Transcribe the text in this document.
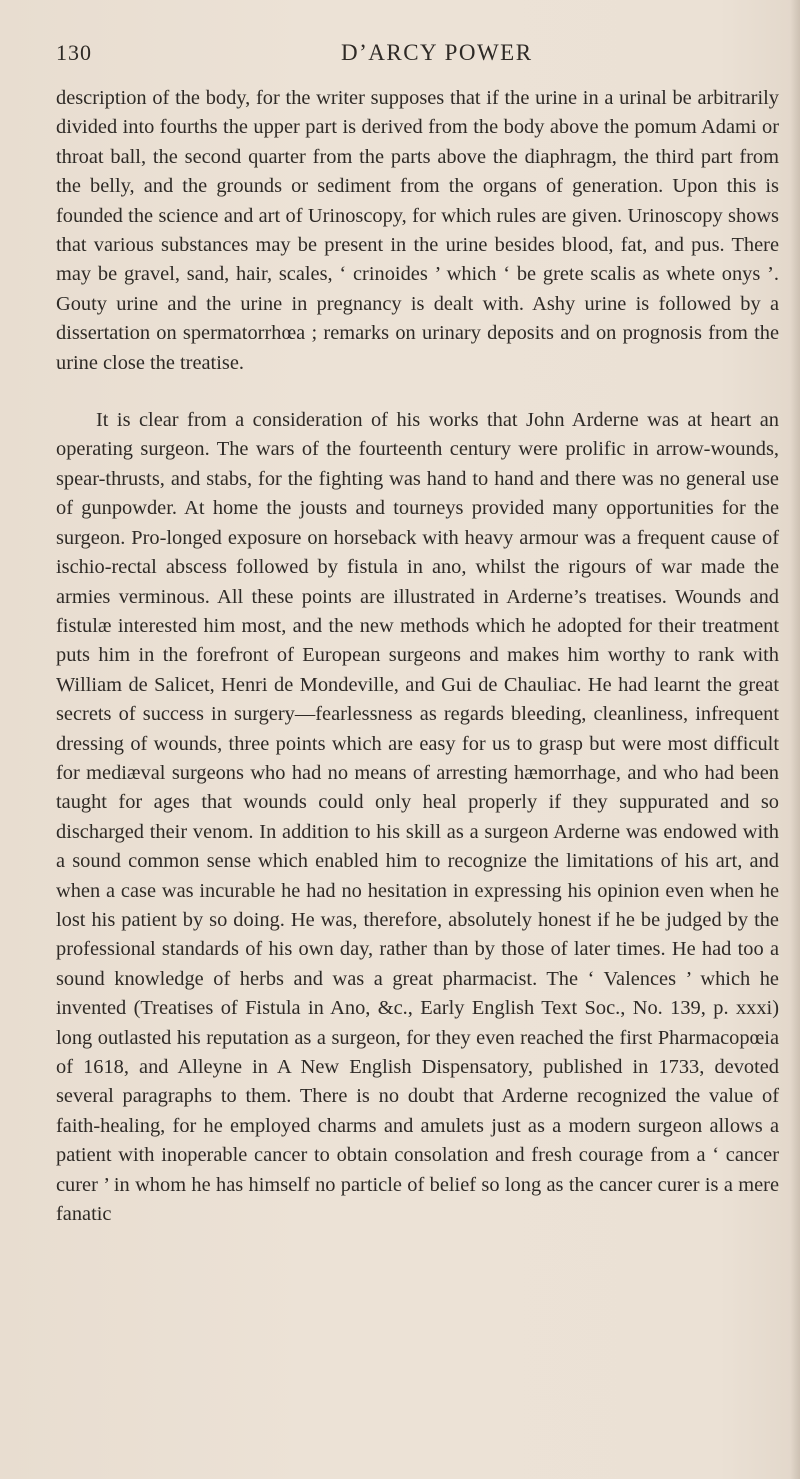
130	D’ARCY POWER

description of the body, for the writer supposes that if the urine in a urinal be arbitrarily divided into fourths the upper part is derived from the body above the pomum Adami or throat ball, the second quarter from the parts above the diaphragm, the third part from the belly, and the grounds or sediment from the organs of generation. Upon this is founded the science and art of Urinoscopy, for which rules are given. Urinoscopy shows that various substances may be present in the urine besides blood, fat, and pus. There may be gravel, sand, hair, scales, ‘ crinoides ’ which ‘ be grete scalis as whete onys ’. Gouty urine and the urine in pregnancy is dealt with. Ashy urine is followed by a dissertation on spermatorrhœa ; remarks on urinary deposits and on prognosis from the urine close the treatise.

It is clear from a consideration of his works that John Arderne was at heart an operating surgeon. The wars of the fourteenth century were prolific in arrow-wounds, spear-thrusts, and stabs, for the fighting was hand to hand and there was no general use of gunpowder. At home the jousts and tourneys provided many opportunities for the surgeon. Pro-longed exposure on horseback with heavy armour was a frequent cause of ischio-rectal abscess followed by fistula in ano, whilst the rigours of war made the armies verminous. All these points are illustrated in Arderne’s treatises. Wounds and fistulæ interested him most, and the new methods which he adopted for their treatment puts him in the forefront of European surgeons and makes him worthy to rank with William de Salicet, Henri de Mondeville, and Gui de Chauliac. He had learnt the great secrets of success in surgery—fearlessness as regards bleeding, cleanliness, infrequent dressing of wounds, three points which are easy for us to grasp but were most difficult for mediæval surgeons who had no means of arresting hæmorrhage, and who had been taught for ages that wounds could only heal properly if they suppurated and so discharged their venom. In addition to his skill as a surgeon Arderne was endowed with a sound common sense which enabled him to recognize the limitations of his art, and when a case was incurable he had no hesitation in expressing his opinion even when he lost his patient by so doing. He was, therefore, absolutely honest if he be judged by the professional standards of his own day, rather than by those of later times. He had too a sound knowledge of herbs and was a great pharmacist. The ‘ Valences ’ which he invented (Treatises of Fistula in Ano, &c., Early English Text Soc., No. 139, p. xxxi) long outlasted his reputation as a surgeon, for they even reached the first Pharmacopœia of 1618, and Alleyne in A New English Dispensatory, published in 1733, devoted several paragraphs to them. There is no doubt that Arderne recognized the value of faith-healing, for he employed charms and amulets just as a modern surgeon allows a patient with inoperable cancer to obtain consolation and fresh courage from a ‘ cancer curer ’ in whom he has himself no particle of belief so long as the cancer curer is a mere fanatic
